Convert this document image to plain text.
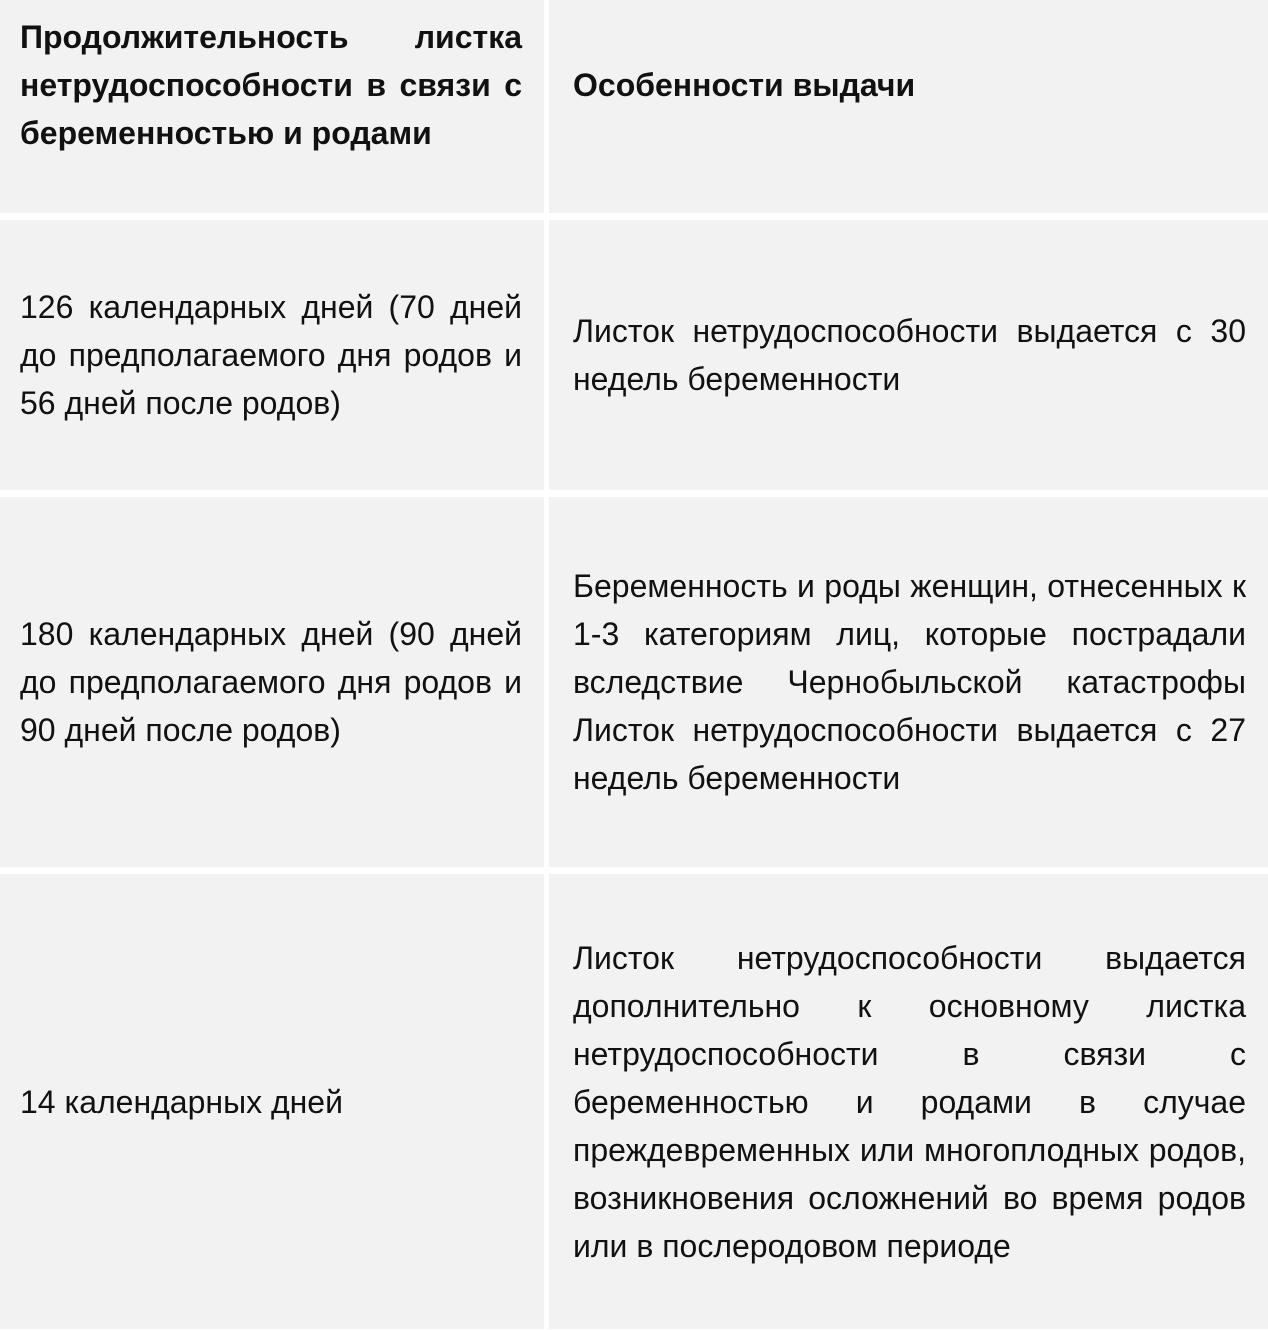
Продолжительность листка нетрудоспособности в связи с беременностью и родами
Особенности выдачи
126 календарных дней (70 дней до предполагаемого дня родов и 56 дней после родов)
Листок нетрудоспособности выдается с 30 недель беременности
180 календарных дней (90 дней до предполагаемого дня родов и 90 дней после родов)
Беременность и роды женщин, отнесенных к 1-3 категориям лиц, которые пострадали вследствие Чернобыльской катастрофы Листок нетрудоспособности выдается с 27 недель беременности
14 календарных дней
Листок нетрудоспособности выдается дополнительно к основному листка нетрудоспособности в связи с беременностью и родами в случае преждевременных или многоплодных родов, возникновения осложнений во время родов или в послеродовом периоде
